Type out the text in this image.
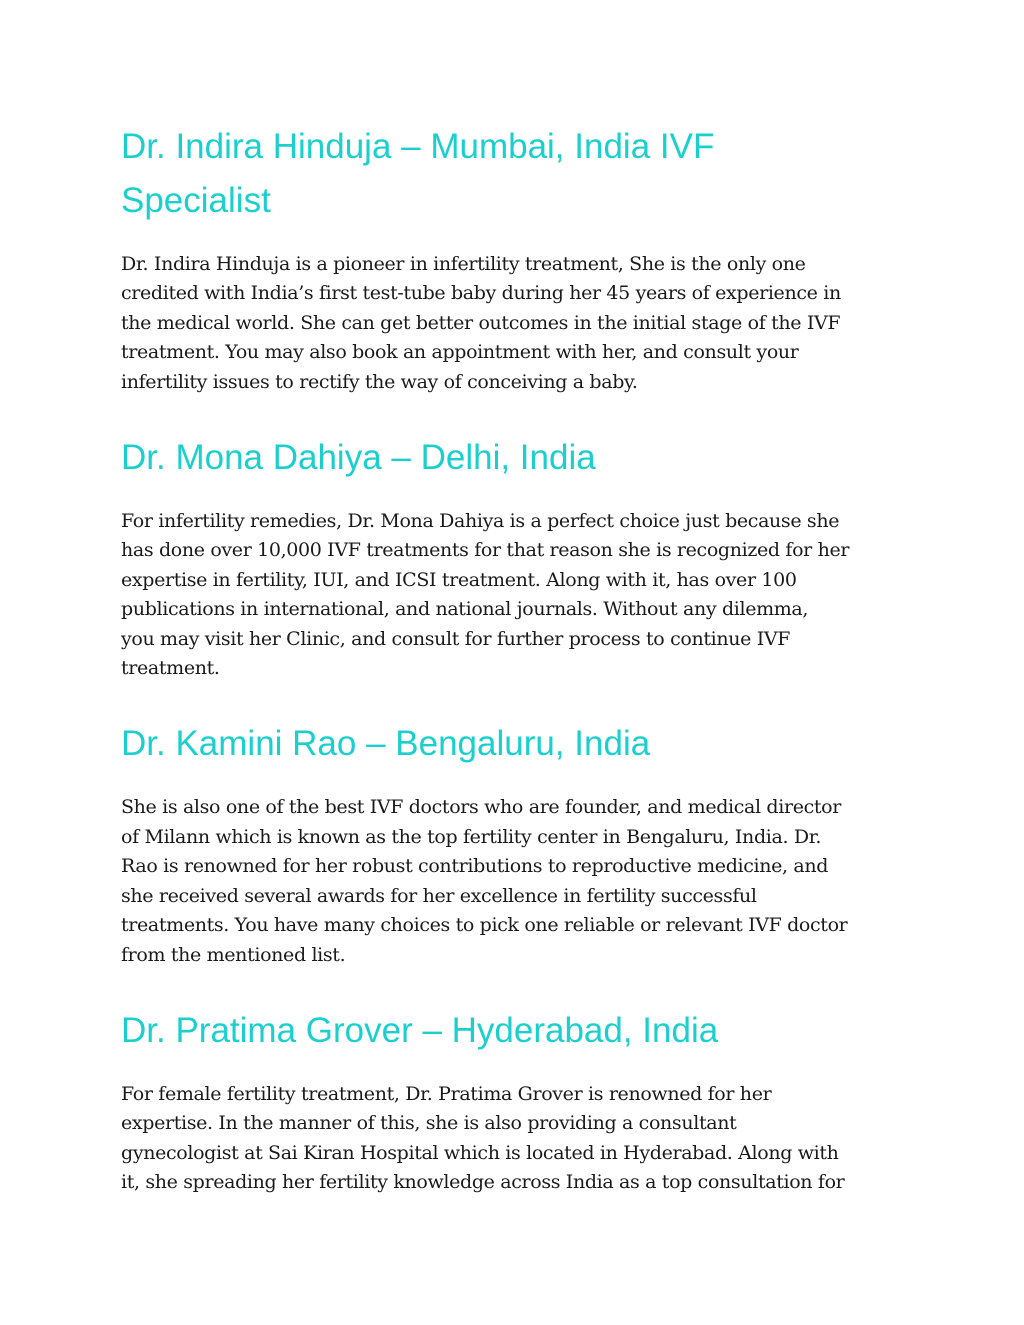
Dr. Indira Hinduja – Mumbai, India IVF
Specialist

Dr. Indira Hinduja is a pioneer in infertility treatment, She is the only one
credited with India’s first test-tube baby during her 45 years of experience in
the medical world. She can get better outcomes in the initial stage of the IVF
treatment. You may also book an appointment with her, and consult your
infertility issues to rectify the way of conceiving a baby.

Dr. Mona Dahiya – Delhi, India

For infertility remedies, Dr. Mona Dahiya is a perfect choice just because she
has done over 10,000 IVF treatments for that reason she is recognized for her
expertise in fertility, IUI, and ICSI treatment. Along with it, has over 100
publications in international, and national journals. Without any dilemma,
you may visit her Clinic, and consult for further process to continue IVF
treatment.

Dr. Kamini Rao – Bengaluru, India

She is also one of the best IVF doctors who are founder, and medical director
of Milann which is known as the top fertility center in Bengaluru, India. Dr.
Rao is renowned for her robust contributions to reproductive medicine, and
she received several awards for her excellence in fertility successful
treatments. You have many choices to pick one reliable or relevant IVF doctor
from the mentioned list.

Dr. Pratima Grover – Hyderabad, India

For female fertility treatment, Dr. Pratima Grover is renowned for her
expertise. In the manner of this, she is also providing a consultant
gynecologist at Sai Kiran Hospital which is located in Hyderabad. Along with
it, she spreading her fertility knowledge across India as a top consultation for
